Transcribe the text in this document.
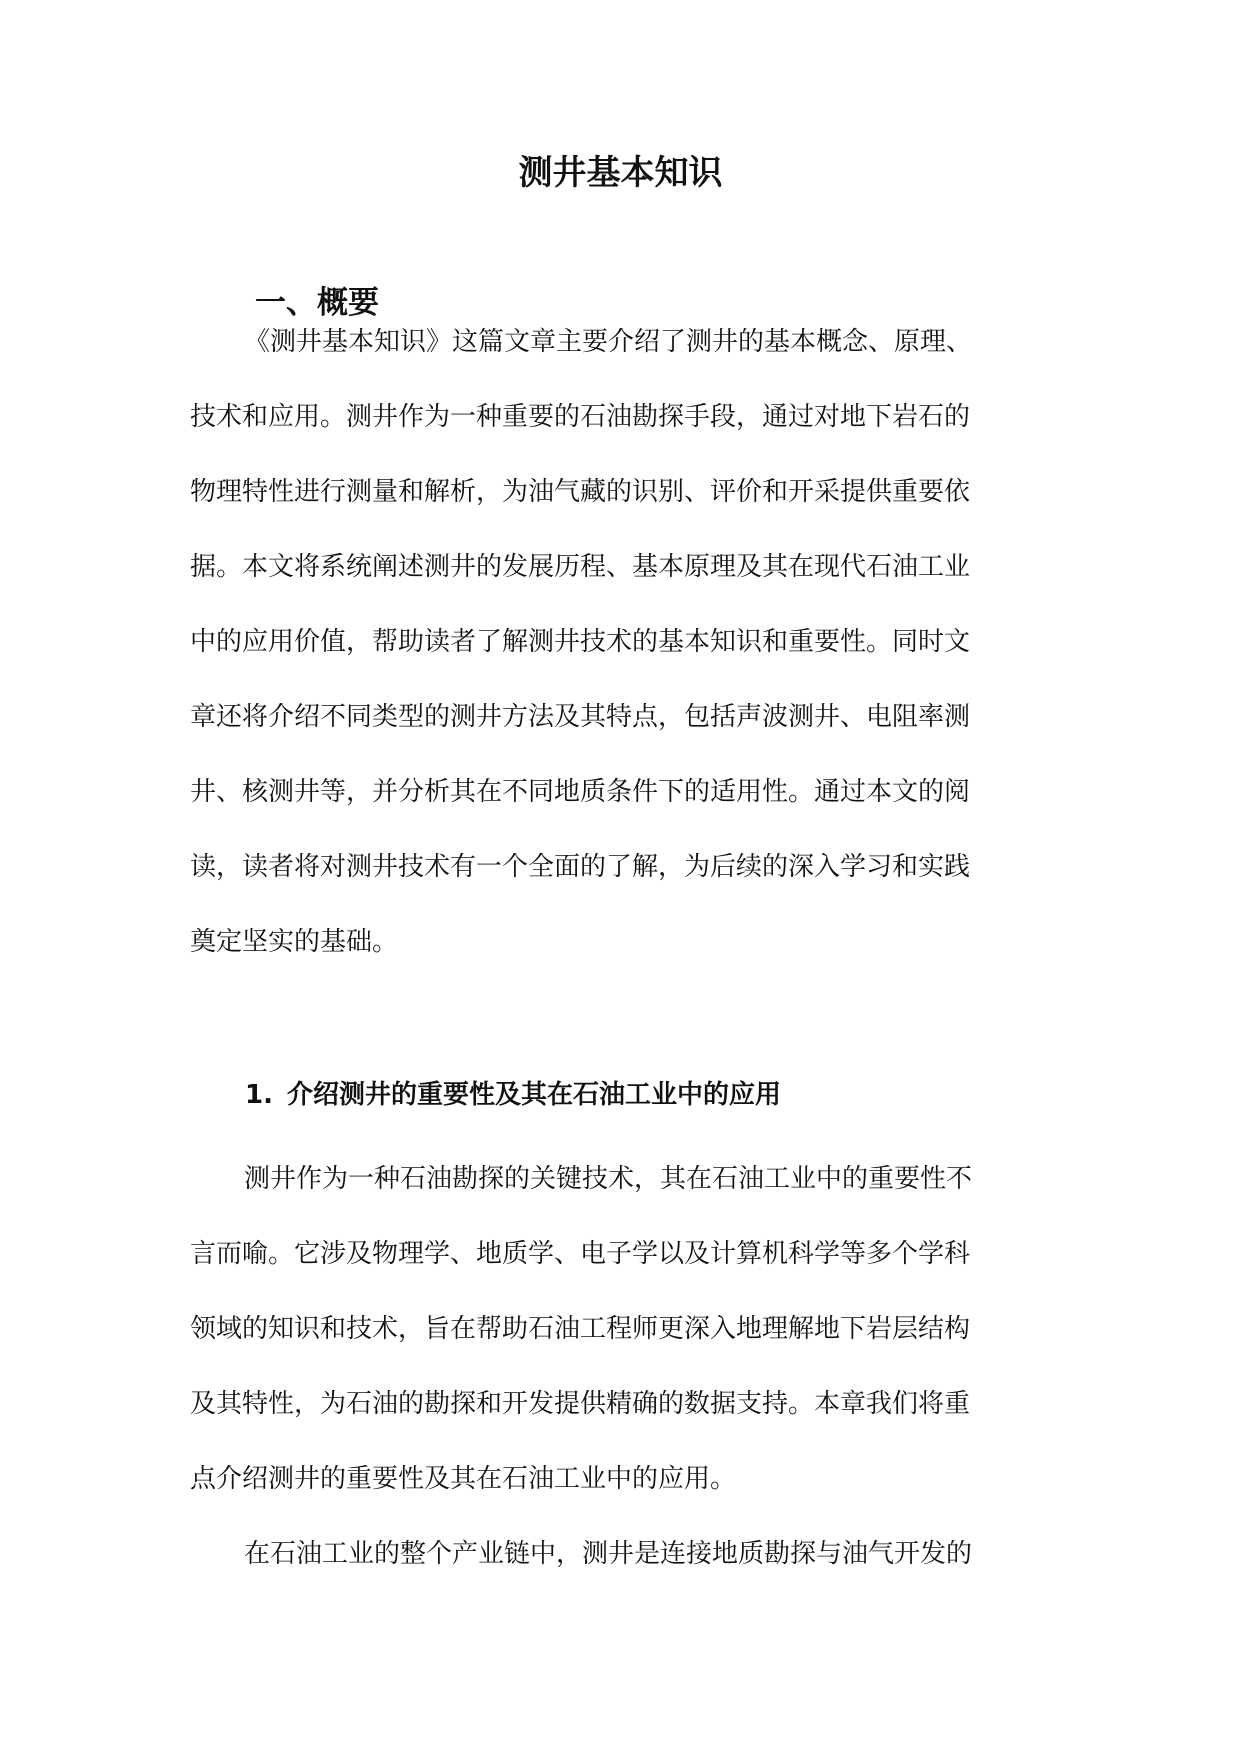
测井基本知识
一、概要
《测井基本知识》这篇文章主要介绍了测井的基本概念、原理、
技术和应用。测井作为一种重要的石油勘探手段，通过对地下岩石的
物理特性进行测量和解析，为油气藏的识别、评价和开采提供重要依
据。本文将系统阐述测井的发展历程、基本原理及其在现代石油工业
中的应用价值，帮助读者了解测井技术的基本知识和重要性。同时文
章还将介绍不同类型的测井方法及其特点，包括声波测井、电阻率测
井、核测井等，并分析其在不同地质条件下的适用性。通过本文的阅
读，读者将对测井技术有一个全面的了解，为后续的深入学习和实践
奠定坚实的基础。
1. 介绍测井的重要性及其在石油工业中的应用
测井作为一种石油勘探的关键技术，其在石油工业中的重要性不
言而喻。它涉及物理学、地质学、电子学以及计算机科学等多个学科
领域的知识和技术，旨在帮助石油工程师更深入地理解地下岩层结构
及其特性，为石油的勘探和开发提供精确的数据支持。本章我们将重
点介绍测井的重要性及其在石油工业中的应用。
在石油工业的整个产业链中，测井是连接地质勘探与油气开发的
